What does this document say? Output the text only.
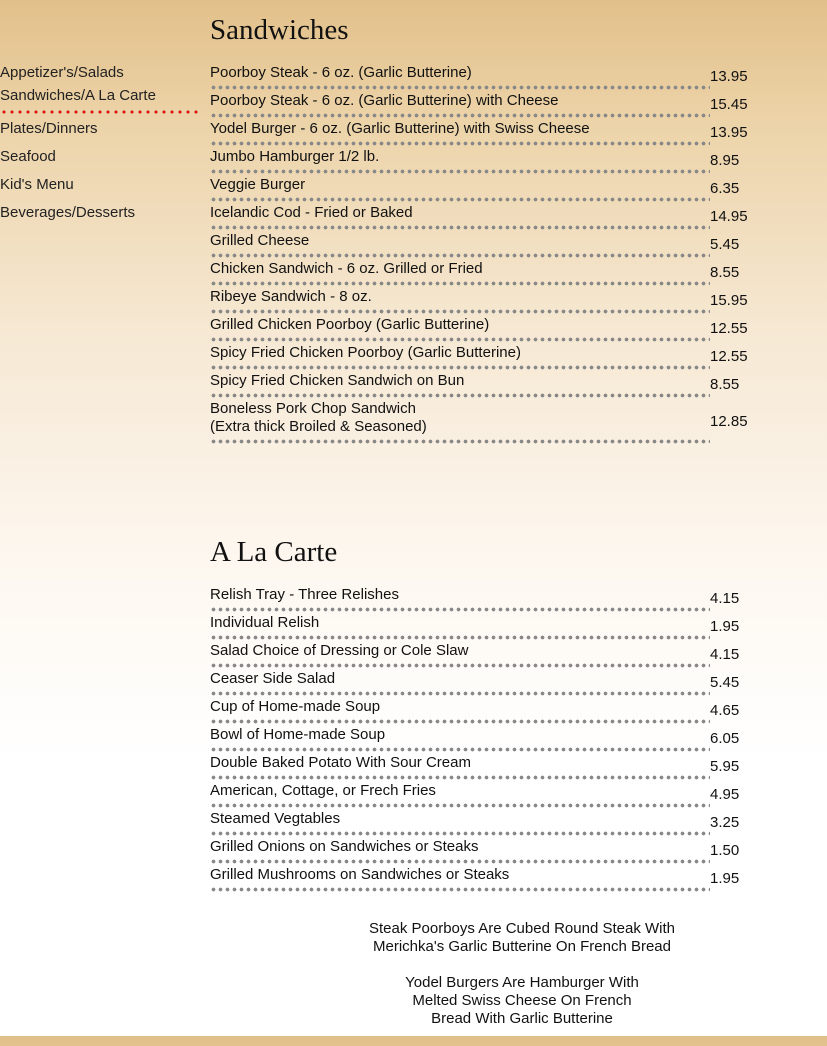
Appetizer's/Salads
Sandwiches/A La Carte
Plates/Dinners
Seafood
Kid's Menu
Beverages/Desserts
Sandwiches
Poorboy Steak - 6 oz. (Garlic Butterine)	13.95
Poorboy Steak - 6 oz. (Garlic Butterine) with Cheese	15.45
Yodel Burger - 6 oz. (Garlic Butterine) with Swiss Cheese	13.95
Jumbo Hamburger 1/2 lb.	8.95
Veggie Burger	6.35
Icelandic Cod - Fried or Baked	14.95
Grilled Cheese	5.45
Chicken Sandwich - 6 oz. Grilled or Fried	8.55
Ribeye Sandwich - 8 oz.	15.95
Grilled Chicken Poorboy (Garlic Butterine)	12.55
Spicy Fried Chicken Poorboy (Garlic Butterine)	12.55
Spicy Fried Chicken Sandwich on Bun	8.55
Boneless Pork Chop Sandwich
(Extra thick Broiled & Seasoned)	12.85
A La Carte
Relish Tray - Three Relishes	4.15
Individual Relish	1.95
Salad Choice of Dressing or Cole Slaw	4.15
Ceaser Side Salad	5.45
Cup of Home-made Soup	4.65
Bowl of Home-made Soup	6.05
Double Baked Potato With Sour Cream	5.95
American, Cottage, or Frech Fries	4.95
Steamed Vegtables	3.25
Grilled Onions on Sandwiches or Steaks	1.50
Grilled Mushrooms on Sandwiches or Steaks	1.95

Steak Poorboys Are Cubed Round Steak With Merichka's Garlic Butterine On French Bread

Yodel Burgers Are Hamburger With Melted Swiss Cheese On French Bread With Garlic Butterine
